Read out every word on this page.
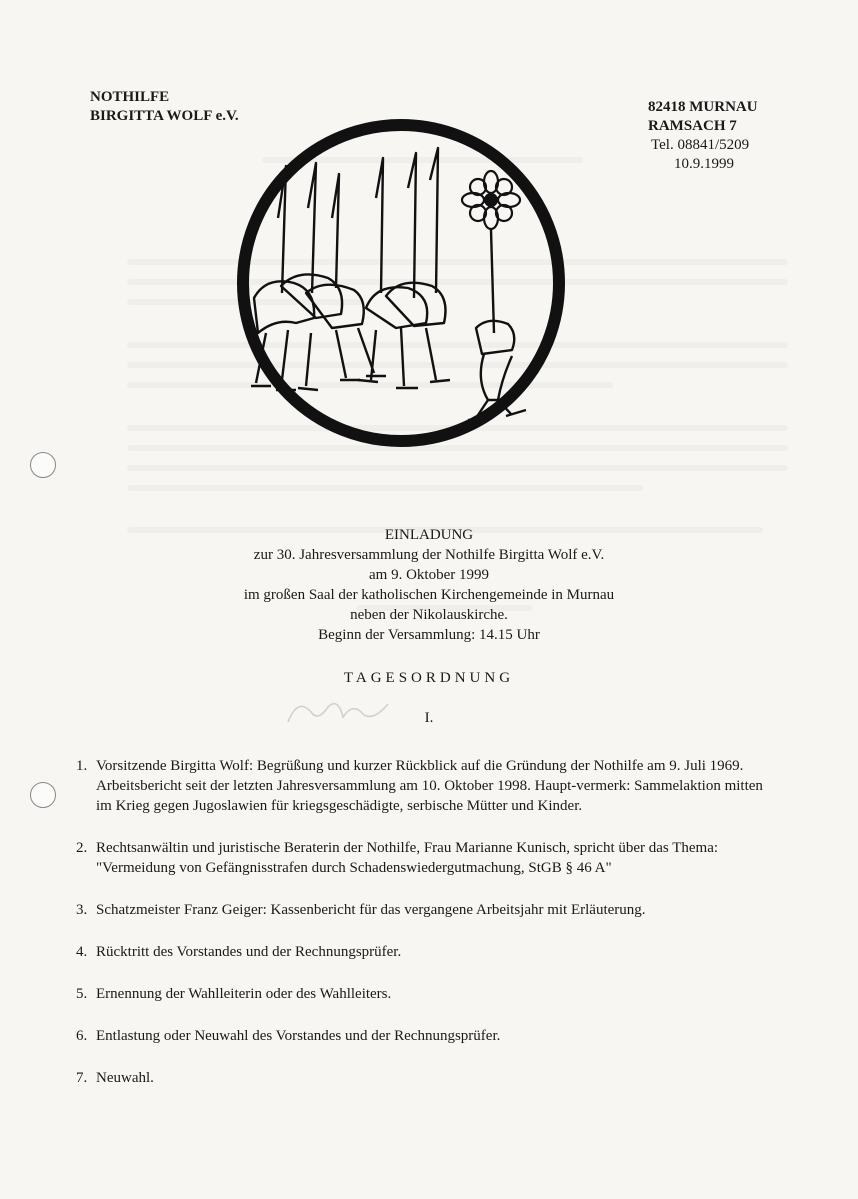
NOTHILFE
BIRGITTA WOLF e.V.
82418 MURNAU
RAMSACH 7
Tel. 08841/5209
10.9.1999
EINLADUNG
zur 30. Jahresversammlung der Nothilfe Birgitta Wolf e.V.
am 9. Oktober 1999
im großen Saal der katholischen Kirchengemeinde in Murnau
neben der Nikolauskirche.
Beginn der Versammlung: 14.15 Uhr
TAGESORDNUNG
I.
1. Vorsitzende Birgitta Wolf: Begrüßung und kurzer Rückblick auf die Gründung der Nothilfe am 9. Juli 1969. Arbeitsbericht seit der letzten Jahresversammlung am 10. Oktober 1998. Haupt-vermerk: Sammelaktion mitten im Krieg gegen Jugoslawien für kriegsgeschädigte, serbische Mütter und Kinder.
2. Rechtsanwältin und juristische Beraterin der Nothilfe, Frau Marianne Kunisch, spricht über das Thema: "Vermeidung von Gefängnisstrafen durch Schadenswiedergutmachung, StGB § 46 A"
3. Schatzmeister Franz Geiger: Kassenbericht für das vergangene Arbeitsjahr mit Erläuterung.
4. Rücktritt des Vorstandes und der Rechnungsprüfer.
5. Ernennung der Wahlleiterin oder des Wahlleiters.
6. Entlastung oder Neuwahl des Vorstandes und der Rechnungsprüfer.
7. Neuwahl.
